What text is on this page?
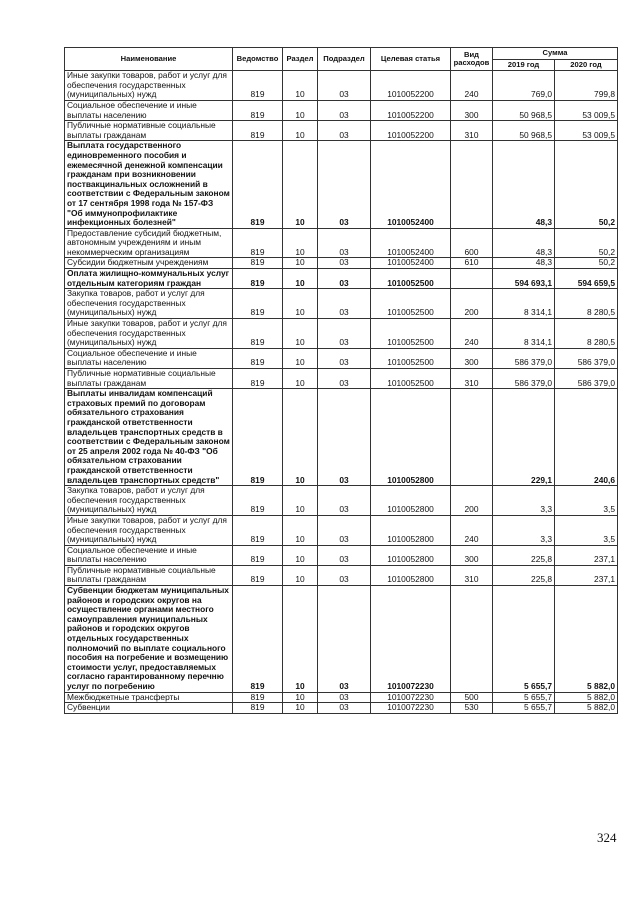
Наименование	Ведомство	Раздел	Подраздел	Целевая статья	Вид расходов	Сумма	
						2019 год	2020 год
Иные закупки товаров, работ и услуг для обеспечения государственных (муниципальных) нужд	819	10	03	1010052200	240	769,0	799,8
Социальное обеспечение и иные выплаты населению	819	10	03	1010052200	300	50 968,5	53 009,5
Публичные нормативные социальные выплаты гражданам	819	10	03	1010052200	310	50 968,5	53 009,5
Выплата государственного единовременного пособия и ежемесячной денежной компенсации гражданам при возникновении поствакцинальных осложнений в соответствии с Федеральным законом от 17 сентября 1998 года № 157-ФЗ "Об иммунопрофилактике инфекционных болезней"	819	10	03	1010052400		48,3	50,2
Предоставление субсидий бюджетным, автономным учреждениям и иным некоммерческим организациям	819	10	03	1010052400	600	48,3	50,2
Субсидии бюджетным учреждениям	819	10	03	1010052400	610	48,3	50,2
Оплата жилищно-коммунальных услуг отдельным категориям граждан	819	10	03	1010052500		594 693,1	594 659,5
Закупка товаров, работ и услуг для обеспечения государственных (муниципальных) нужд	819	10	03	1010052500	200	8 314,1	8 280,5
Иные закупки товаров, работ и услуг для обеспечения государственных (муниципальных) нужд	819	10	03	1010052500	240	8 314,1	8 280,5
Социальное обеспечение и иные выплаты населению	819	10	03	1010052500	300	586 379,0	586 379,0
Публичные нормативные социальные выплаты гражданам	819	10	03	1010052500	310	586 379,0	586 379,0
Выплаты инвалидам компенсаций страховых премий по договорам обязательного страхования гражданской ответственности владельцев транспортных средств в соответствии с Федеральным законом от 25 апреля 2002 года № 40-ФЗ "Об обязательном страховании гражданской ответственности владельцев транспортных средств"	819	10	03	1010052800		229,1	240,6
Закупка товаров, работ и услуг для обеспечения государственных (муниципальных) нужд	819	10	03	1010052800	200	3,3	3,5
Иные закупки товаров, работ и услуг для обеспечения государственных (муниципальных) нужд	819	10	03	1010052800	240	3,3	3,5
Социальное обеспечение и иные выплаты населению	819	10	03	1010052800	300	225,8	237,1
Публичные нормативные социальные выплаты гражданам	819	10	03	1010052800	310	225,8	237,1
Субвенции бюджетам муниципальных районов и городских округов на осуществление органами местного самоуправления муниципальных районов и городских округов отдельных государственных полномочий по выплате социального пособия на погребение и возмещению стоимости услуг, предоставляемых согласно гарантированному перечню услуг по погребению	819	10	03	1010072230		5 655,7	5 882,0
Межбюджетные трансферты	819	10	03	1010072230	500	5 655,7	5 882,0
Субвенции	819	10	03	1010072230	530	5 655,7	5 882,0
324
